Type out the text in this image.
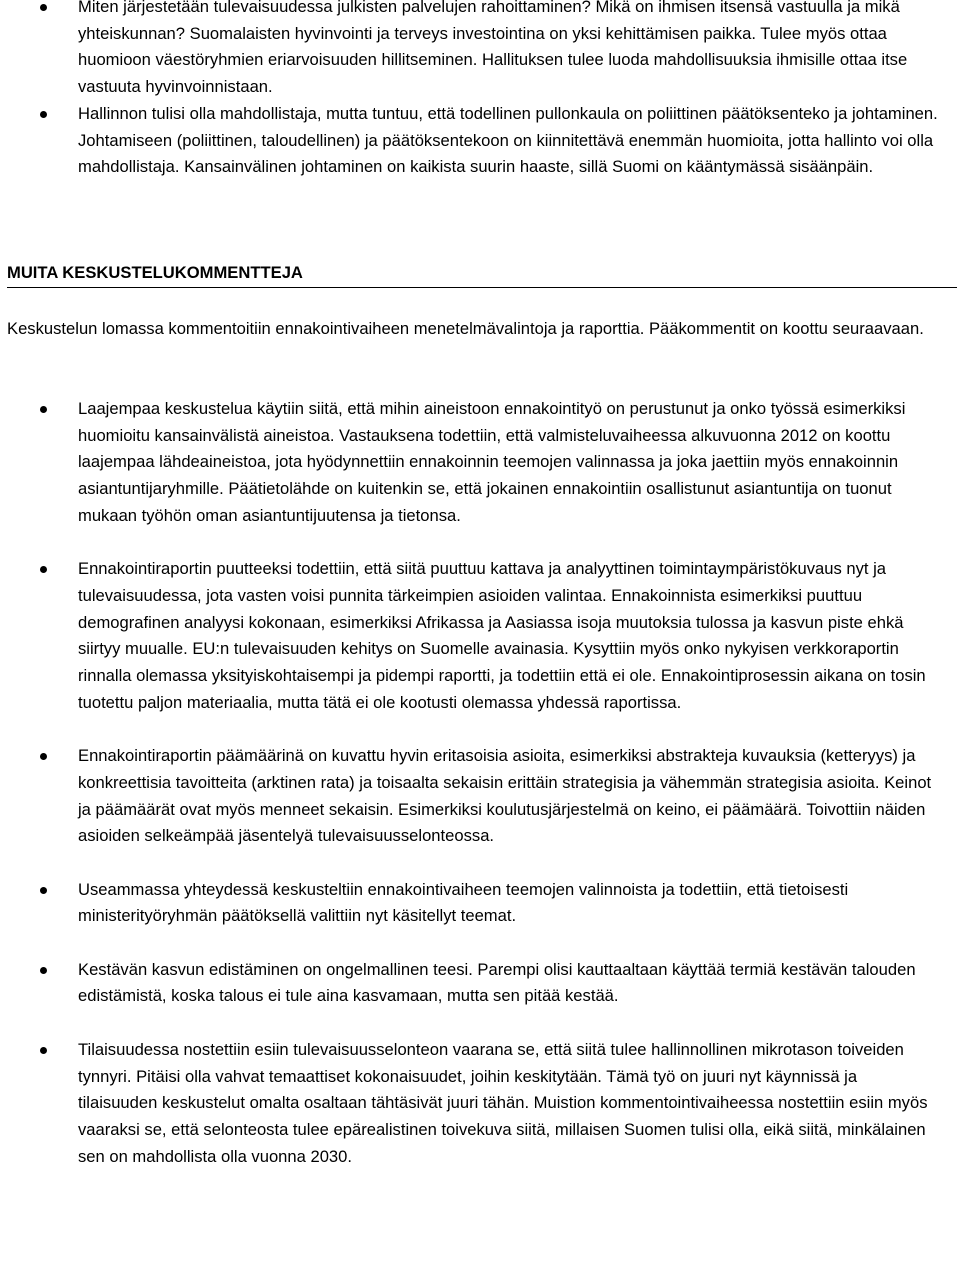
Miten järjestetään tulevaisuudessa julkisten palvelujen rahoittaminen? Mikä on ihmisen itsensä vastuulla ja mikä yhteiskunnan? Suomalaisten hyvinvointi ja terveys investointina on yksi kehittämisen paikka. Tulee myös ottaa huomioon väestöryhmien eriarvoisuuden hillitseminen. Hallituksen tulee luoda mahdollisuuksia ihmisille ottaa itse vastuuta hyvinvoinnistaan.
Hallinnon tulisi olla mahdollistaja, mutta tuntuu, että todellinen pullonkaula on poliittinen päätöksenteko ja johtaminen. Johtamiseen (poliittinen, taloudellinen) ja päätöksentekoon on kiinnitettävä enemmän huomioita, jotta hallinto voi olla mahdollistaja. Kansainvälinen johtaminen on kaikista suurin haaste, sillä Suomi on kääntymässä sisäänpäin.
MUITA KESKUSTELUKOMMENTTEJA

Keskustelun lomassa kommentoitiin ennakointivaiheen menetelmävalintoja ja raporttia. Pääkommentit on koottu seuraavaan.

Laajempaa keskustelua käytiin siitä, että mihin aineistoon ennakointityö on perustunut ja onko työssä esimerkiksi huomioitu kansainvälistä aineistoa. Vastauksena todettiin, että valmisteluvaiheessa alkuvuonna 2012 on koottu laajempaa lähdeaineistoa, jota hyödynnettiin ennakoinnin teemojen valinnassa ja joka jaettiin myös ennakoinnin asiantuntijaryhmille. Päätietolähde on kuitenkin se, että jokainen ennakointiin osallistunut asiantuntija on tuonut mukaan työhön oman asiantuntijuutensa ja tietonsa.
Ennakointiraportin puutteeksi todettiin, että siitä puuttuu kattava ja analyyttinen toimintaympäristökuvaus nyt ja tulevaisuudessa, jota vasten voisi punnita tärkeimpien asioiden valintaa. Ennakoinnista esimerkiksi puuttuu demografinen analyysi kokonaan, esimerkiksi Afrikassa ja Aasiassa isoja muutoksia tulossa ja kasvun piste ehkä siirtyy muualle. EU:n tulevaisuuden kehitys on Suomelle avainasia. Kysyttiin myös onko nykyisen verkkoraportin rinnalla olemassa yksityiskohtaisempi ja pidempi raportti, ja todettiin että ei ole. Ennakointiprosessin aikana on tosin tuotettu paljon materiaalia, mutta tätä ei ole kootusti olemassa yhdessä raportissa.
Ennakointiraportin päämäärinä on kuvattu hyvin eritasoisia asioita, esimerkiksi abstrakteja kuvauksia (ketteryys) ja konkreettisia tavoitteita (arktinen rata) ja toisaalta sekaisin erittäin strategisia ja vähemmän strategisia asioita. Keinot ja päämäärät ovat myös menneet sekaisin. Esimerkiksi koulutusjärjestelmä on keino, ei päämäärä. Toivottiin näiden asioiden selkeämpää jäsentelyä tulevaisuusselonteossa.
Useammassa yhteydessä keskusteltiin ennakointivaiheen teemojen valinnoista ja todettiin, että tietoisesti ministerityöryhmän päätöksellä valittiin nyt käsitellyt teemat.
Kestävän kasvun edistäminen on ongelmallinen teesi. Parempi olisi kauttaaltaan käyttää termiä kestävän talouden edistämistä, koska talous ei tule aina kasvamaan, mutta sen pitää kestää.
Tilaisuudessa nostettiin esiin tulevaisuusselonteon vaarana se, että siitä tulee hallinnollinen mikrotason toiveiden tynnyri. Pitäisi olla vahvat temaattiset kokonaisuudet, joihin keskitytään. Tämä työ on juuri nyt käynnissä ja tilaisuuden keskustelut omalta osaltaan tähtäsivät juuri tähän. Muistion kommentointivaiheessa nostettiin esiin myös vaaraksi se, että selonteosta tulee epärealistinen toivekuva siitä, millaisen Suomen tulisi olla, eikä siitä, minkälainen sen on mahdollista olla vuonna 2030.
